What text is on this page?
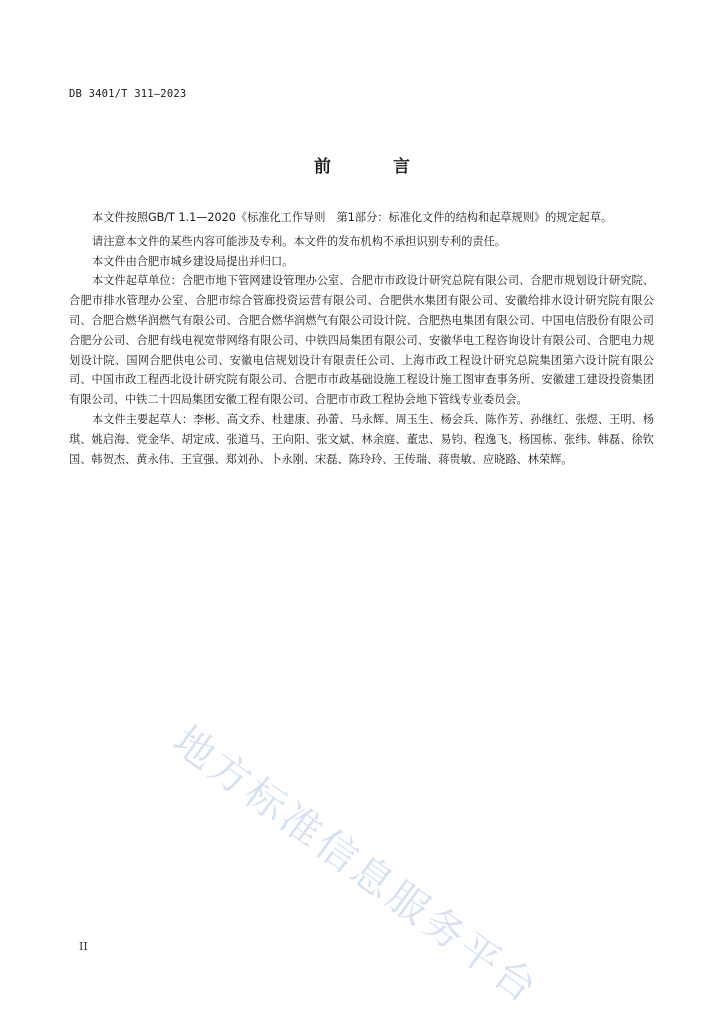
DB 3401/T 311—2023
前 言

本文件按照GB/T 1.1—2020《标准化工作导则　第1部分：标准化文件的结构和起草规则》的规定起草。

请注意本文件的某些内容可能涉及专利。本文件的发布机构不承担识别专利的责任。

本文件由合肥市城乡建设局提出并归口。

本文件起草单位：合肥市地下管网建设管理办公室、合肥市市政设计研究总院有限公司、合肥市规划设计研究院、合肥市排水管理办公室、合肥市综合管廊投资运营有限公司、合肥供水集团有限公司、安徽给排水设计研究院有限公司、合肥合燃华润燃气有限公司、合肥合燃华润燃气有限公司设计院、合肥热电集团有限公司、中国电信股份有限公司合肥分公司、合肥有线电视宽带网络有限公司、中铁四局集团有限公司、安徽华电工程咨询设计有限公司、合肥电力规划设计院、国网合肥供电公司、安徽电信规划设计有限责任公司、上海市政工程设计研究总院集团第六设计院有限公司、中国市政工程西北设计研究院有限公司、合肥市市政基础设施工程设计施工图审查事务所、安徽建工建设投资集团有限公司、中铁二十四局集团安徽工程有限公司、合肥市市政工程协会地下管线专业委员会。

本文件主要起草人：李彬、高文乔、杜建康、孙蕾、马永辉、周玉生、杨会兵、陈作芳、孙继红、张煜、王明、杨琪、姚启海、党金华、胡定成、张道马、王向阳、张文斌、林余庭、董忠、易钧、程逸飞、杨国栋、张纬、韩磊、徐钦国、韩贺杰、黄永伟、王宣强、郑刘孙、卜永刚、宋磊、陈玲玲、王传瑞、蒋贵敏、应晓路、林荣辉。

地方标准信息服务平台
II
